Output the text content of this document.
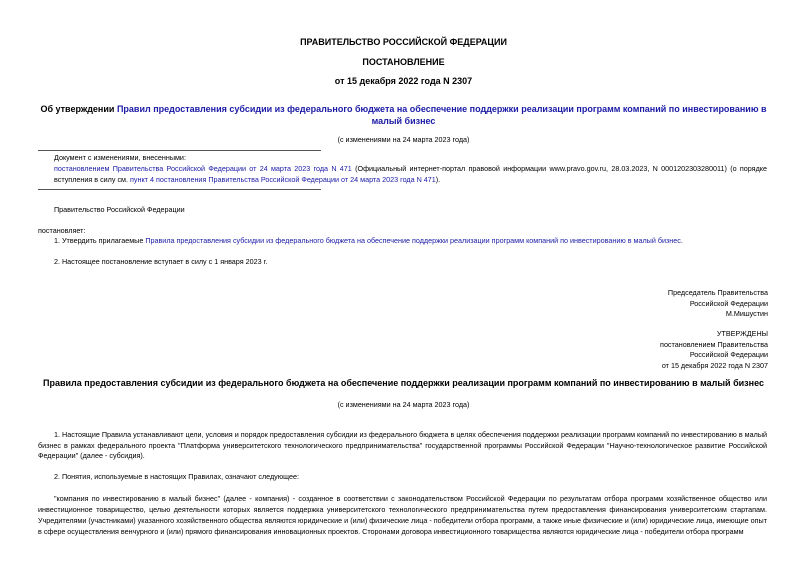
ПРАВИТЕЛЬСТВО РОССИЙСКОЙ ФЕДЕРАЦИИ
ПОСТАНОВЛЕНИЕ
от 15 декабря 2022 года N 2307
Об утверждении Правил предоставления субсидии из федерального бюджета на обеспечение поддержки реализации программ компаний по инвестированию в малый бизнес
(с изменениями на 24 марта 2023 года)
Документ с изменениями, внесенными:
постановлением Правительства Российской Федерации от 24 марта 2023 года N 471 (Официальный интернет-портал правовой информации www.pravo.gov.ru, 28.03.2023, N 0001202303280011) (о порядке вступления в силу см. пункт 4 постановления Правительства Российской Федерации от 24 марта 2023 года N 471).
Правительство Российской Федерации
постановляет:
1. Утвердить прилагаемые Правила предоставления субсидии из федерального бюджета на обеспечение поддержки реализации программ компаний по инвестированию в малый бизнес.
2. Настоящее постановление вступает в силу с 1 января 2023 г.
Председатель Правительства
Российской Федерации
М.Мишустин
УТВЕРЖДЕНЫ
постановлением Правительства
Российской Федерации
от 15 декабря 2022 года N 2307
Правила предоставления субсидии из федерального бюджета на обеспечение поддержки реализации программ компаний по инвестированию в малый бизнес
(с изменениями на 24 марта 2023 года)
1. Настоящие Правила устанавливают цели, условия и порядок предоставления субсидии из федерального бюджета в целях обеспечения поддержки реализации программ компаний по инвестированию в малый бизнес в рамках федерального проекта "Платформа университетского технологического предпринимательства" государственной программы Российской Федерации "Научно-технологическое развитие Российской Федерации" (далее - субсидия).
2. Понятия, используемые в настоящих Правилах, означают следующее:
"компания по инвестированию в малый бизнес" (далее - компания) - созданное в соответствии с законодательством Российской Федерации по результатам отбора программ хозяйственное общество или инвестиционное товарищество, целью деятельности которых является поддержка университетского технологического предпринимательства путем предоставления финансирования университетским стартапам. Учредителями (участниками) указанного хозяйственного общества являются юридические и (или) физические лица - победители отбора программ, а также иные физические и (или) юридические лица, имеющие опыт в сфере осуществления венчурного и (или) прямого финансирования инновационных проектов. Сторонами договора инвестиционного товарищества являются юридические лица - победители отбора программ
